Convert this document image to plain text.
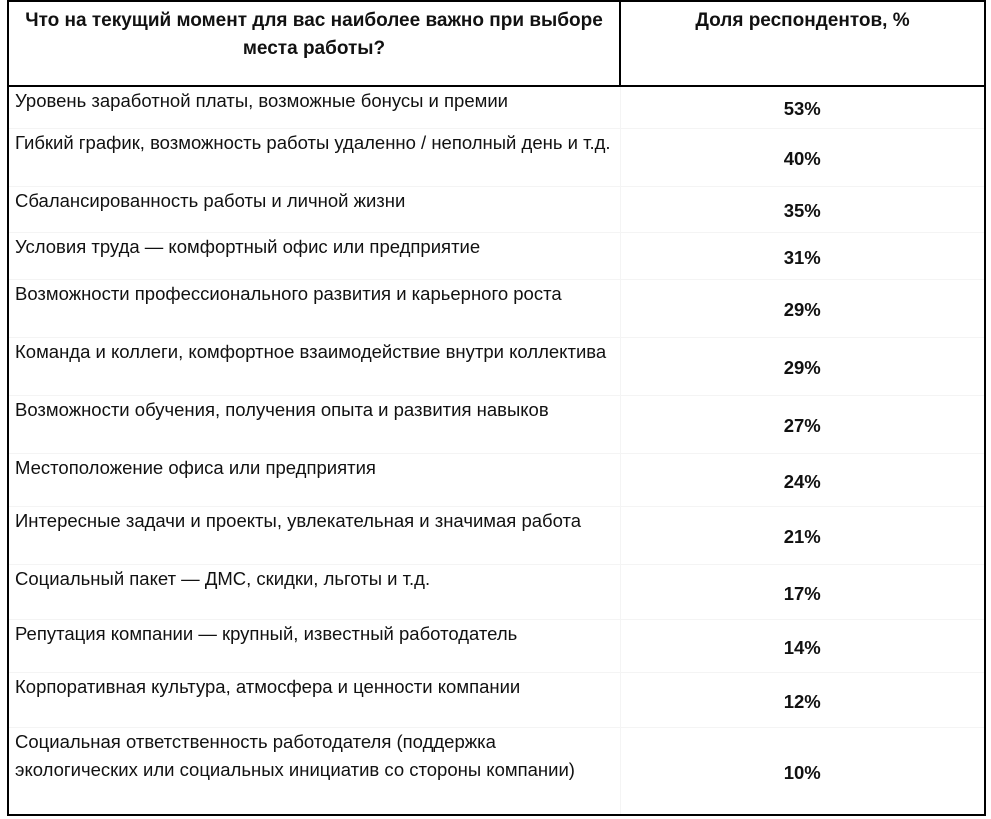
Что на текущий момент для вас наиболее важно при выборе места работы?	Доля респондентов, %
Уровень заработной платы, возможные бонусы и премии	53%
Гибкий график, возможность работы удаленно / неполный день и т.д.	40%
Сбалансированность работы и личной жизни	35%
Условия труда — комфортный офис или предприятие	31%
Возможности профессионального развития и карьерного роста	29%
Команда и коллеги, комфортное взаимодействие внутри коллектива	29%
Возможности обучения, получения опыта и развития навыков	27%
Местоположение офиса или предприятия	24%
Интересные задачи и проекты, увлекательная и значимая работа	21%
Социальный пакет — ДМС, скидки, льготы и т.д.	17%
Репутация компании — крупный, известный работодатель	14%
Корпоративная культура, атмосфера и ценности компании	12%
Социальная ответственность работодателя (поддержка экологических или социальных инициатив со стороны компании)	10%
